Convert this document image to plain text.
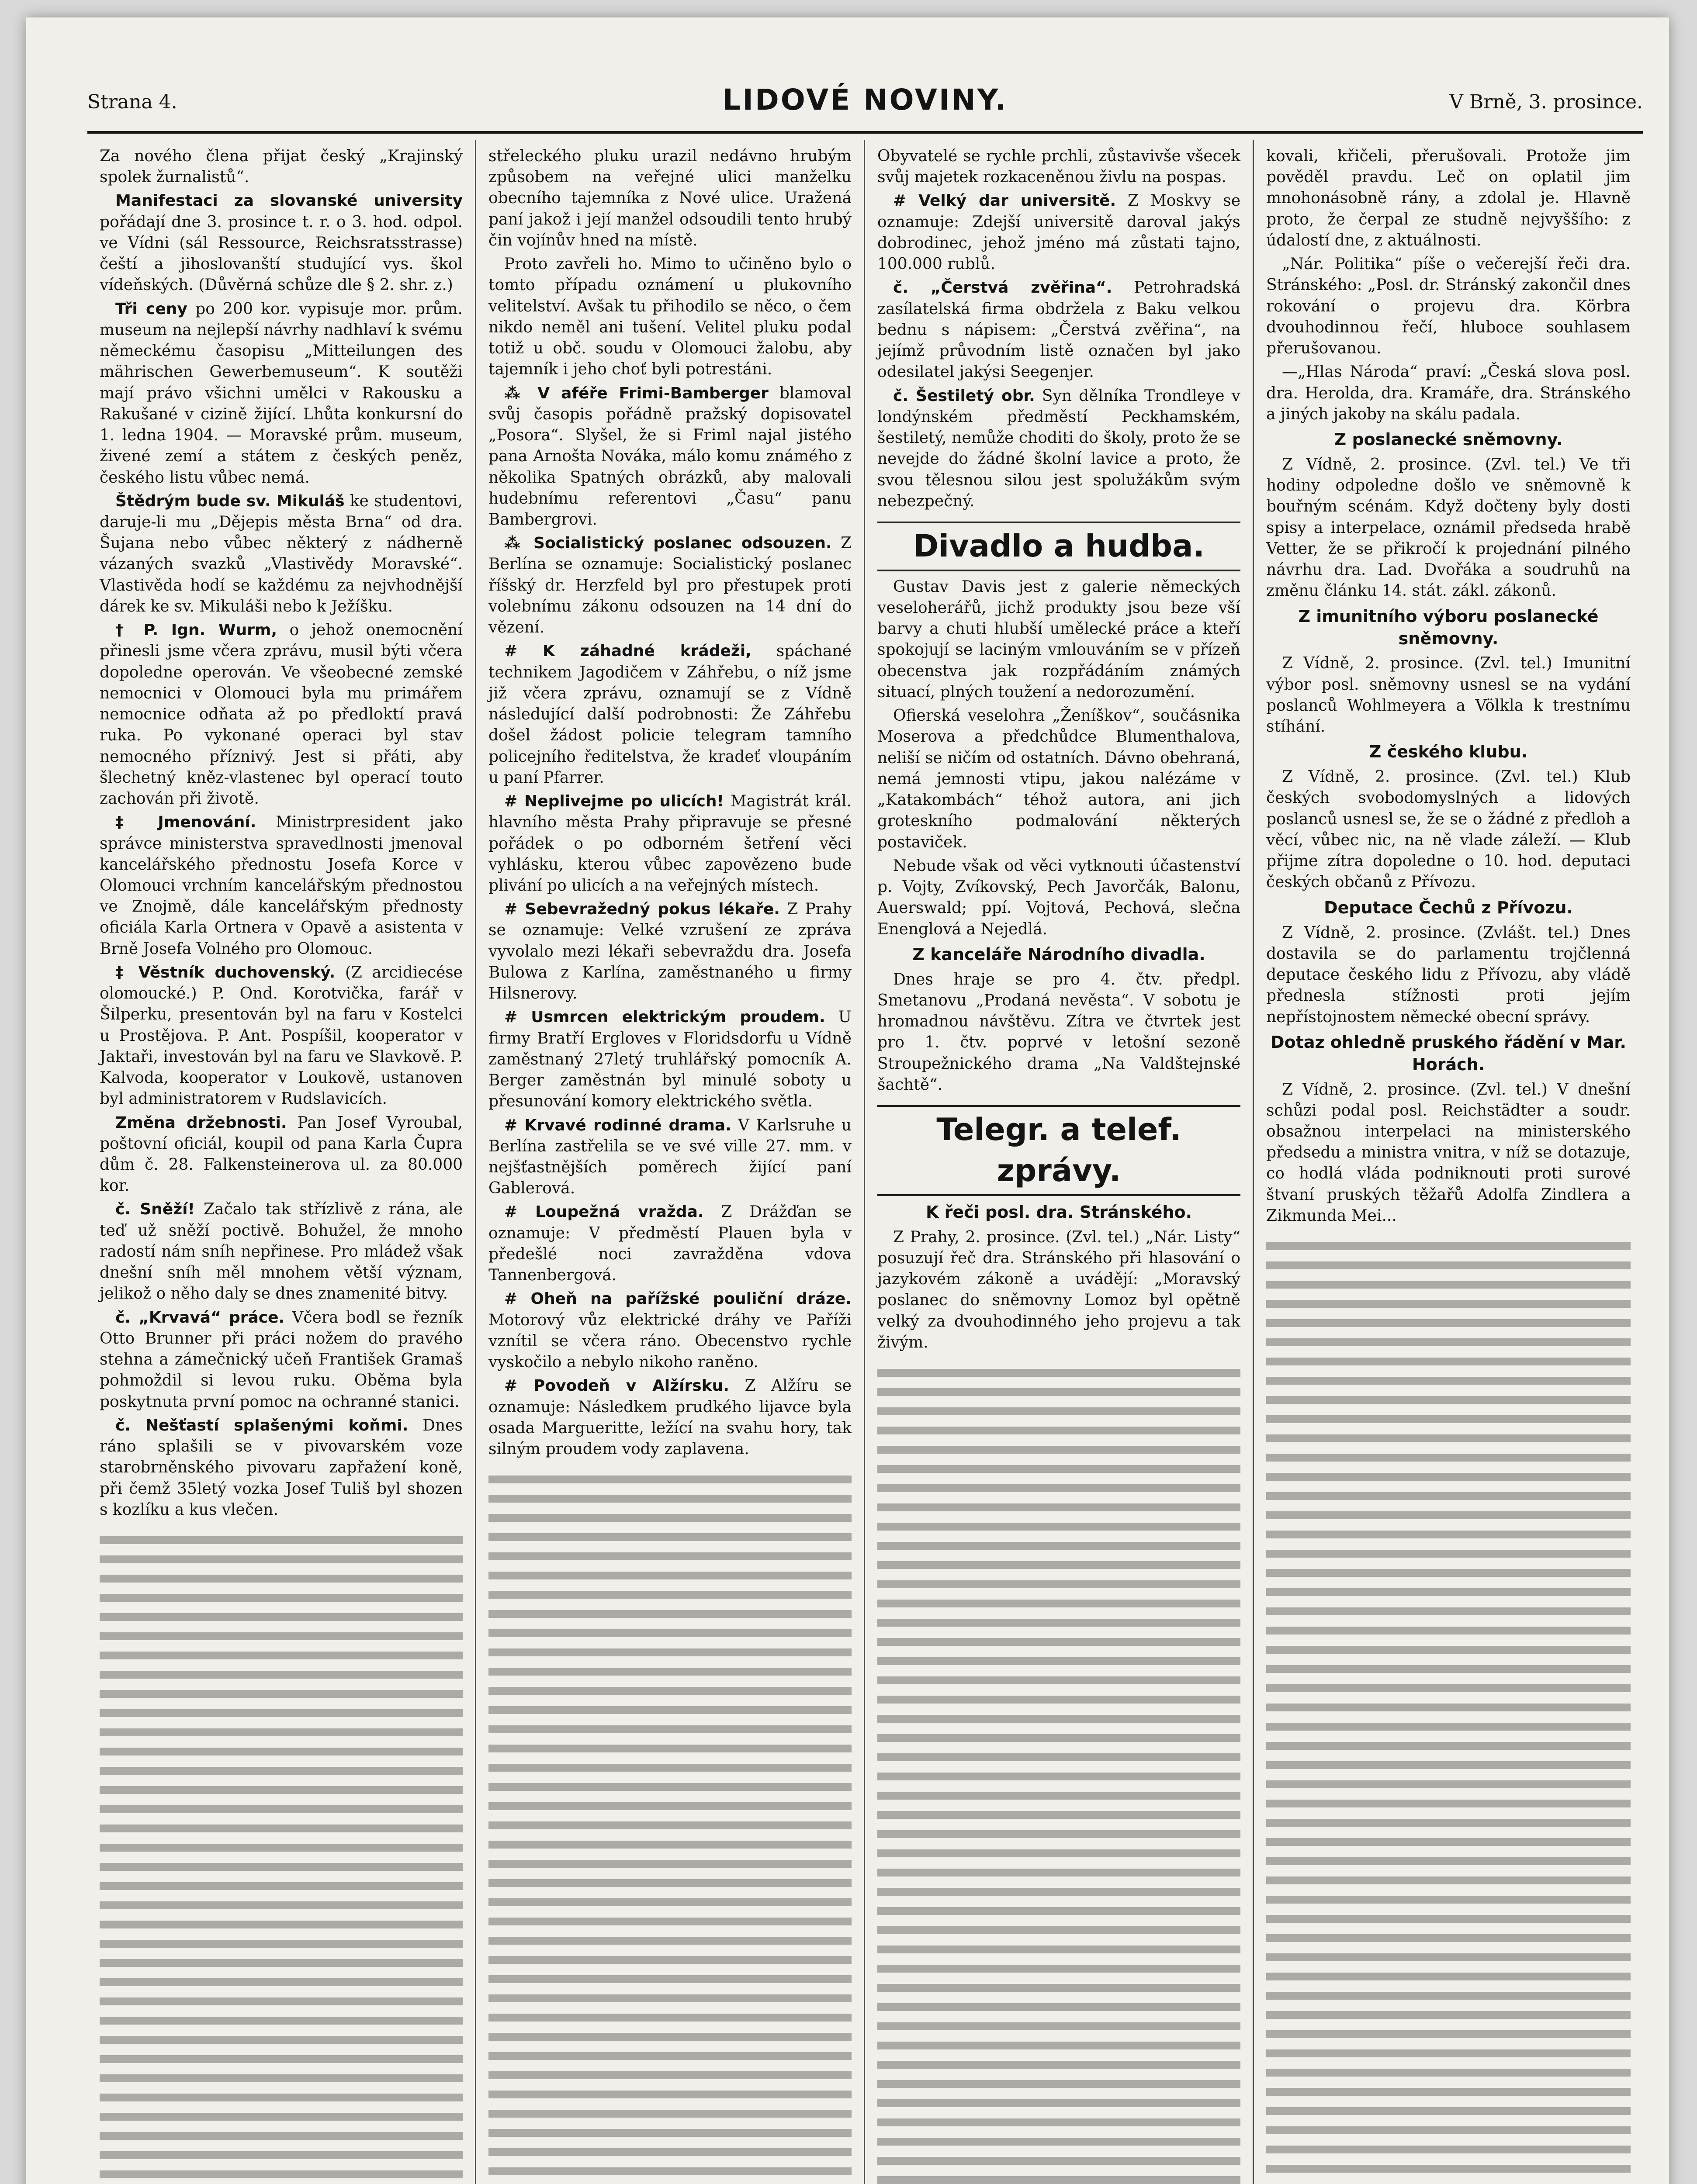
Strana 4.	LIDOVÉ NOVINY.	V Brně, 3. prosince.

Za nového člena přijat český „Krajinský spolek žurnalistů“.

Manifestaci za slovanské university pořádají dne 3. prosince t. r. o 3. hod. odpol. ve Vídni (sál Ressource, Reichsratsstrasse) čeští a jihoslovanští studující vys. škol vídeňských. (Důvěrná schůze dle § 2. shr. z.)

Tři ceny po 200 kor. vypisuje mor. prům. museum na nejlepší návrhy nadhlaví k svému německému časopisu „Mitteilungen des mährischen Gewerbemuseum“. K soutěži mají právo všichni umělci v Rakousku a Rakušané v cizině žijící. Lhůta konkursní do 1. ledna 1904. — Moravské prům. museum, živené zemí a státem z českých peněz, českého listu vůbec nemá.

Štědrým bude sv. Mikuláš ke studentovi, daruje-li mu „Dějepis města Brna“ od dra. Šujana nebo vůbec některý z nádherně vázaných svazků „Vlastivědy Moravské“. Vlastivěda hodí se každému za nejvhodnější dárek ke sv. Mikuláši nebo k Ježíšku.

† P. Ign. Wurm, o jehož onemocnění přinesli jsme včera zprávu, musil býti včera dopoledne operován. Ve všeobecné zemské nemocnici v Olomouci byla mu primářem nemocnice odňata až po předloktí pravá ruka. Po vykonané operaci byl stav nemocného příznivý. Jest si přáti, aby šlechetný kněz-vlastenec byl operací touto zachován při životě.

‡ Jmenování. Ministrpresident jako správce ministerstva spravedlnosti jmenoval kancelářského přednostu Josefa Korce v Olomouci vrchním kancelářským přednostou ve Znojmě, dále kancelářským přednosty oficiála Karla Ortnera v Opavě a asistenta v Brně Josefa Volného pro Olomouc.

‡ Věstník duchovenský. (Z arcidiecése olomoucké.) P. Ond. Korotvička, farář v Šilperku, presentován byl na faru v Kostelci u Prostějova. P. Ant. Pospíšil, kooperator v Jaktaři, investován byl na faru ve Slavkově. P. Kalvoda, kooperator v Loukově, ustanoven byl administratorem v Rudslavicích.

Změna držebnosti. Pan Josef Vyroubal, poštovní oficiál, koupil od pana Karla Čupra dům č. 28. Falkensteinerova ul. za 80.000 kor.

č. Sněží! Začalo tak střízlivě z rána, ale teď už sněží poctivě. Bohužel, že mnoho radostí nám sníh nepřinese. Pro mládež však dnešní sníh měl mnohem větší význam, jelikož o něho daly se dnes znamenité bitvy.

č. „Krvavá“ práce. Včera bodl se řezník Otto Brunner při práci nožem do pravého stehna a zámečnický učeň František Gramaš pohmoždil si levou ruku. Oběma byla poskytnuta první pomoc na ochranné stanici.

č. Nešťastí splašenými koňmi. Dnes ráno splašili se v pivovarském voze starobrněnského pivovaru zapřažení koně, při čemž 35letý vozka Josef Tuliš byl shozen s kozlíku a kus vlečen.

střeleckého pluku urazil nedávno hrubým způsobem na veřejné ulici manželku obecního tajemníka z Nové ulice. Uražená paní jakož i její manžel odsoudili tento hrubý čin vojínův hned na místě.

Proto zavřeli ho. Mimo to učiněno bylo o tomto případu oznámení u plukovního velitelství. Avšak tu přihodilo se něco, o čem nikdo neměl ani tušení. Velitel pluku podal totiž u obč. soudu v Olomouci žalobu, aby tajemník i jeho choť byli potrestáni.

⁂ V aféře Frimi-Bamberger blamoval svůj časopis pořádně pražský dopisovatel „Posora“. Slyšel, že si Friml najal jistého pana Arnošta Nováka, málo komu známého z několika Spatných obrázků, aby malovali hudebnímu referentovi „Času“ panu Bambergrovi.

⁂ Socialistický poslanec odsouzen. Z Berlína se oznamuje: Socialistický poslanec říšský dr. Herzfeld byl pro přestupek proti volebnímu zákonu odsouzen na 14 dní do vězení.

# K záhadné krádeži, spáchané technikem Jagodičem v Záhřebu, o níž jsme již včera zprávu, oznamují se z Vídně následující další podrobnosti: Že Záhřebu došel žádost policie telegram tamního policejního ředitelstva, že kradeť vloupáním u paní Pfarrer.

# Neplivejme po ulicích! Magistrát král. hlavního města Prahy připravuje se přesné pořádek o po odborném šetření věci vyhlásku, kterou vůbec zapovězeno bude plivání po ulicích a na veřejných místech.

# Sebevražedný pokus lékaře. Z Prahy se oznamuje: Velké vzrušení ze zpráva vyvolalo mezi lékaři sebevraždu dra. Josefa Bulowa z Karlína, zaměstnaného u firmy Hilsnerovy.

# Usmrcen elektrickým proudem. U firmy Bratří Ergloves v Floridsdorfu u Vídně zaměstnaný 27letý truhlářský pomocník A. Berger zaměstnán byl minulé soboty u přesunování komory elektrického světla.

# Krvavé rodinné drama. V Karlsruhe u Berlína zastřelila se ve své ville 27. mm. v nejšťastnějších poměrech žijící paní Gablerová.

# Loupežná vražda. Z Drážďan se oznamuje: V předměstí Plauen byla v předešlé noci zavražděna vdova Tannenbergová.

# Oheň na pařížské pouliční dráze. Motorový vůz elektrické dráhy ve Paříži vznítil se včera ráno. Obecenstvo rychle vyskočilo a nebylo nikoho raněno.

# Povodeň v Alžírsku. Z Alžíru se oznamuje: Následkem prudkého lijavce byla osada Margueritte, ležící na svahu hory, tak silným proudem vody zaplavena.

Obyvatelé se rychle prchli, zůstavivše všecek svůj majetek rozkaceněnou živlu na pospas.

# Velký dar universitě. Z Moskvy se oznamuje: Zdejší universitě daroval jakýs dobrodinec, jehož jméno má zůstati tajno, 100.000 rublů.

č. „Čerstvá zvěřina“. Petrohradská zasílatelská firma obdržela z Baku velkou bednu s nápisem: „Čerstvá zvěřina“, na jejímž průvodním listě označen byl jako odesilatel jakýsi Seegenjer.

č. Šestiletý obr. Syn dělníka Trondleye v londýnském předměstí Peckhamském, šestiletý, nemůže choditi do školy, proto že se nevejde do žádné školní lavice a proto, že svou tělesnou silou jest spolužákům svým nebezpečný.

Divadlo a hudba.

Gustav Davis jest z galerie německých veseloherářů, jichž produkty jsou beze vší barvy a chuti hlubší umělecké práce a kteří spokojují se laciným vmlouváním se v přízeň obecenstva jak rozpřádáním známých situací, plných toužení a nedorozumění.

Ofierská veselohra „Ženíškov“, součásnika Moserova a předchůdce Blumenthalova, neliší se ničím od ostatních. Dávno obehraná, nemá jemnosti vtipu, jakou nalézáme v „Katakombách“ téhož autora, ani jich groteskního podmalování některých postaviček.

Nebude však od věci vytknouti účastenství p. Vojty, Zvíkovský, Pech Javorčák, Balonu, Auerswald; ppí. Vojtová, Pechová, slečna Enenglová a Nejedlá.

Z kanceláře Národního divadla.

Dnes hraje se pro 4. čtv. předpl. Smetanovu „Prodaná nevěsta“. V sobotu je hromadnou návštěvu. Zítra ve čtvrtek jest pro 1. čtv. poprvé v letošní sezoně Stroupežnického drama „Na Valdštejnské šachtě“.

Telegr. a telef. zprávy.
K řeči posl. dra. Stránského.

Z Prahy, 2. prosince. (Zvl. tel.) „Nár. Listy“ posuzují řeč dra. Stránského při hlasování o jazykovém zákoně a uvádějí: „Moravský poslanec do sněmovny Lomoz byl opětně velký za dvouhodinného jeho projevu a tak živým.

kovali, křičeli, přerušovali. Protože jim pověděl pravdu. Leč on oplatil jim mnohonásobně rány, a zdolal je. Hlavně proto, že čerpal ze studně nejvyššího: z údalostí dne, z aktuálnosti.

„Nár. Politika“ píše o večerejší řeči dra. Stránského: „Posl. dr. Stránský zakončil dnes rokování o projevu dra. Körbra dvouhodinnou řečí, hluboce souhlasem přerušovanou.

—„Hlas Národa“ praví: „Česká slova posl. dra. Herolda, dra. Kramáře, dra. Stránského a jiných jakoby na skálu padala.

Z poslanecké sněmovny.

Z Vídně, 2. prosince. (Zvl. tel.) Ve tři hodiny odpoledne došlo ve sněmovně k bouřným scénám. Když dočteny byly dosti spisy a interpelace, oznámil předseda hrabě Vetter, že se přikročí k projednání pilného návrhu dra. Lad. Dvořáka a soudruhů na změnu článku 14. stát. zákl. zákonů.

Z imunitního výboru poslanecké sněmovny.

Z Vídně, 2. prosince. (Zvl. tel.) Imunitní výbor posl. sněmovny usnesl se na vydání poslanců Wohlmeyera a Völkla k trestnímu stíhání.

Z českého klubu.

Z Vídně, 2. prosince. (Zvl. tel.) Klub českých svobodomyslných a lidových poslanců usnesl se, že se o žádné z předloh a věcí, vůbec nic, na ně vlade záleží. — Klub přijme zítra dopoledne o 10. hod. deputaci českých občanů z Přívozu.

Deputace Čechů z Přívozu.

Z Vídně, 2. prosince. (Zvlášt. tel.) Dnes dostavila se do parlamentu trojčlenná deputace českého lidu z Přívozu, aby vládě přednesla stížnosti proti jejím nepřístojnostem německé obecní správy.

Dotaz ohledně pruského řádění v Mar. Horách.

Z Vídně, 2. prosince. (Zvl. tel.) V dnešní schůzi podal posl. Reichstädter a soudr. obsažnou interpelaci na ministerského předsedu a ministra vnitra, v níž se dotazuje, co hodlá vláda podniknouti proti surové štvaní pruských těžařů Adolfa Zindlera a Zikmunda Mei...
